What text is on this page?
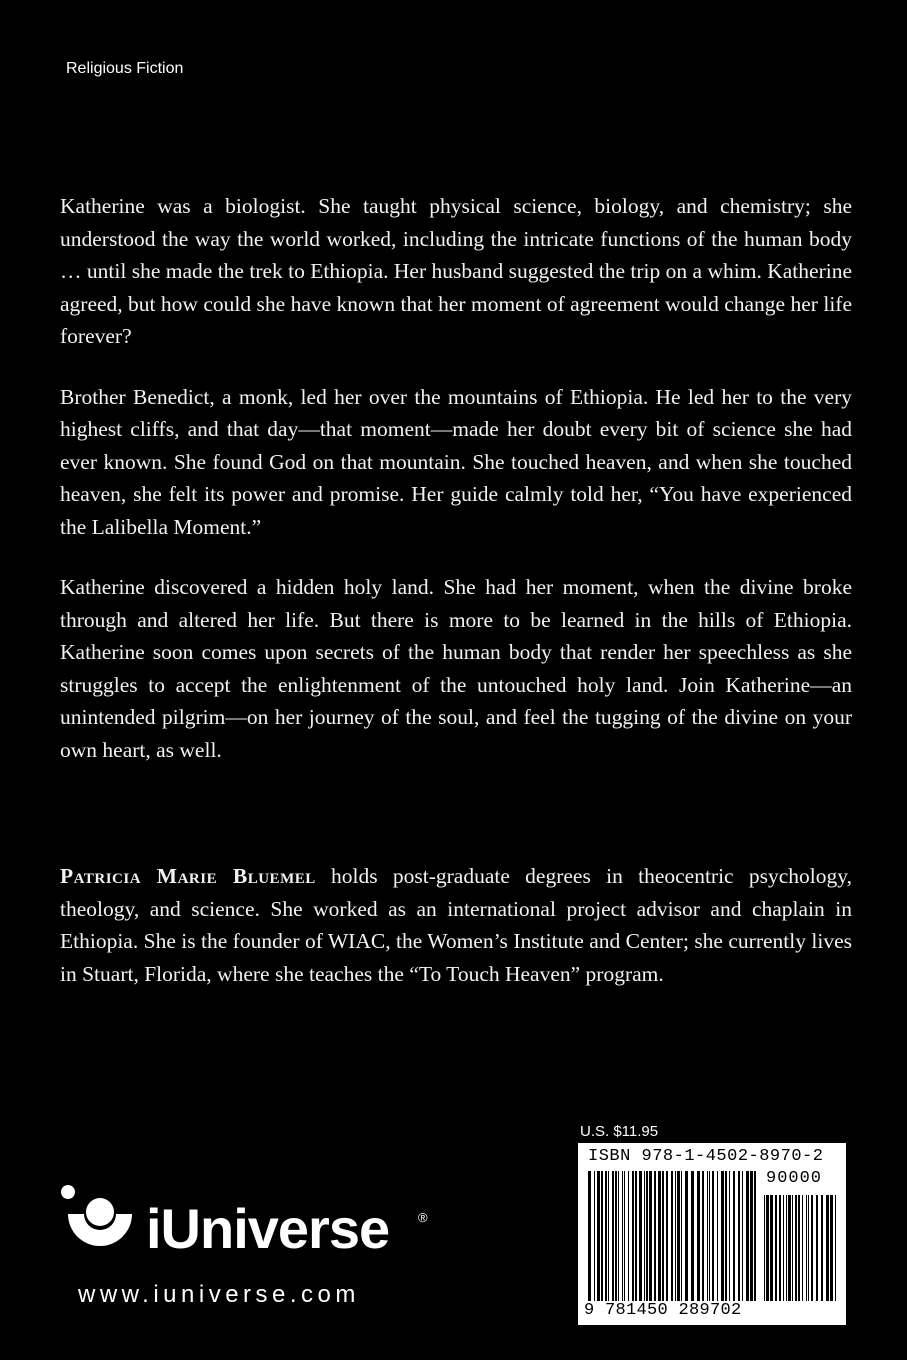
Religious Fiction

Katherine was a biologist. She taught physical science, biology, and chemistry; she understood the way the world worked, including the intricate functions of the human body … until she made the trek to Ethiopia. Her husband suggested the trip on a whim. Katherine agreed, but how could she have known that her moment of agreement would change her life forever?

Brother Benedict, a monk, led her over the mountains of Ethiopia. He led her to the very highest cliffs, and that day—that moment—made her doubt every bit of science she had ever known. She found God on that mountain. She touched heaven, and when she touched heaven, she felt its power and promise. Her guide calmly told her, “You have experienced the Lalibella Moment.”

Katherine discovered a hidden holy land. She had her moment, when the divine broke through and altered her life. But there is more to be learned in the hills of Ethiopia. Katherine soon comes upon secrets of the human body that render her speechless as she struggles to accept the enlightenment of the untouched holy land. Join Katherine—an unintended pilgrim—on her journey of the soul, and feel the tugging of the divine on your own heart, as well.

Patricia Marie Bluemel holds post-graduate degrees in theocentric psychology, theology, and science. She worked as an international project advisor and chaplain in Ethiopia. She is the founder of WIAC, the Women’s Institute and Center; she currently lives in Stuart, Florida, where she teaches the “To Touch Heaven” program.

U.S. $11.95
ISBN 978-1-4502-8970-2
90000
9 781450 289702
iUniverse ®
www.iuniverse.com
